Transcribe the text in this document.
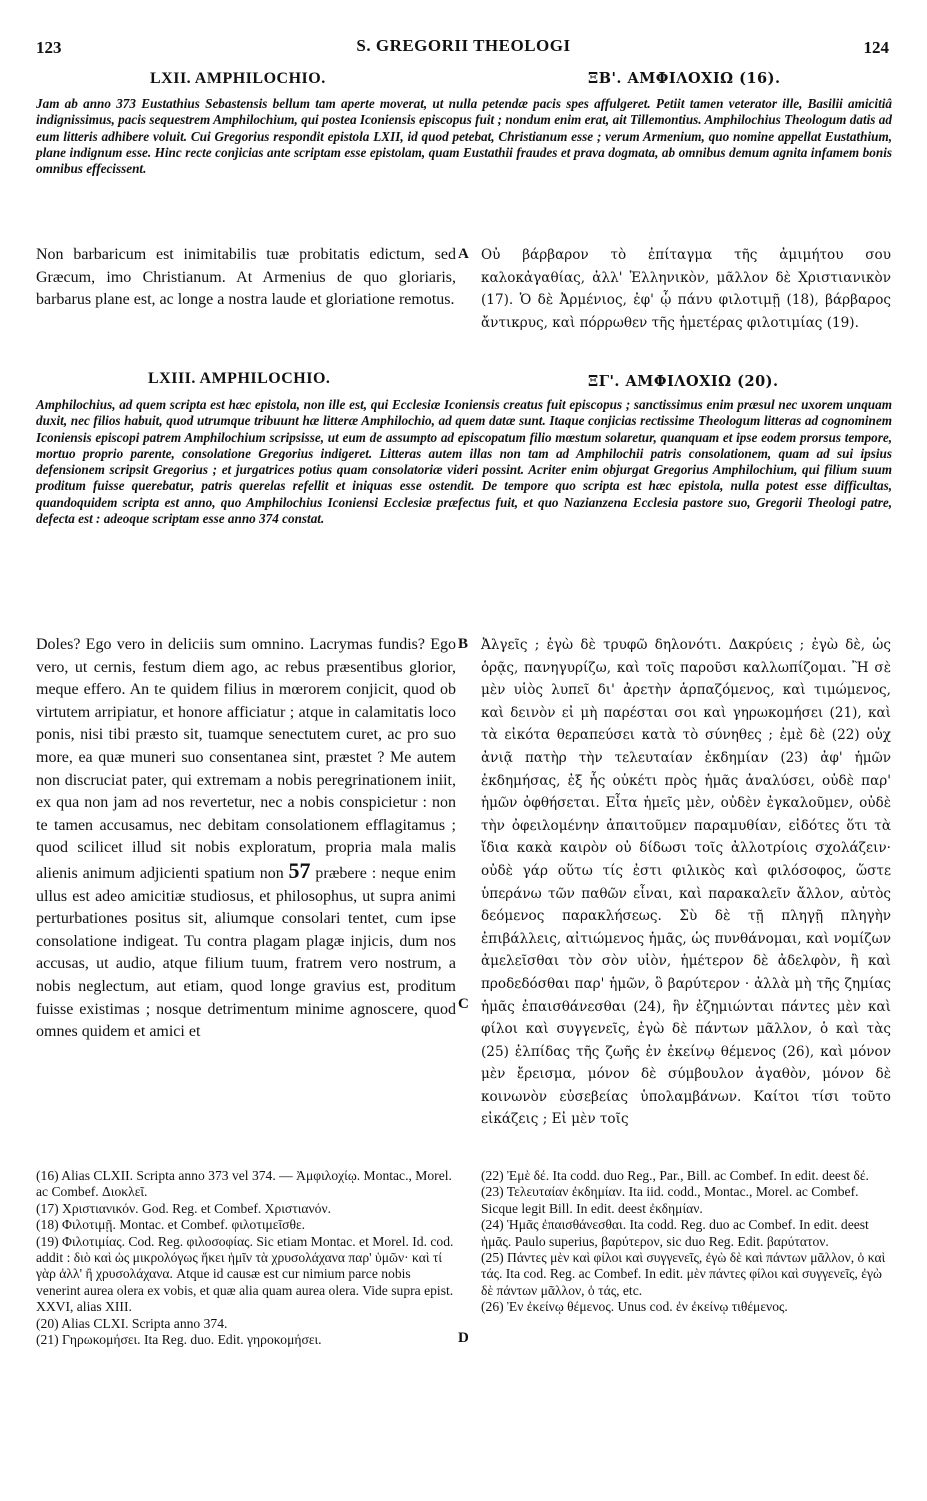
123	S. GREGORII THEOLOGI	124
LXII. AMPHILOCHIO.	ΞΒ'. ΑΜΦΙΛΟΧΙΩ (16).
Jam ab anno 373 Eustathius Sebastensis bellum tam aperte moverat, ut nulla petendæ pacis spes affulgeret. Petiit tamen veterator ille, Basilii amicitiâ indignissimus, pacis sequestrem Amphilochium, qui postea Iconiensis episcopus fuit ; nondum enim erat, ait Tillemontius. Amphilochius Theologum datis ad eum litteris adhibere voluit. Cui Gregorius respondit epistola LXII, id quod petebat, Christianum esse ; verum Armenium, quo nomine appellat Eustathium, plane indignum esse. Hinc recte conjicias ante scriptam esse epistolam, quam Eustathii fraudes et prava dogmata, ab omnibus demum agnita infamem bonis omnibus effecissent.
Non barbaricum est inimitabilis tuæ probitatis edictum, sed Græcum, imo Christianum. At Armenius de quo gloriaris, barbarus plane est, ac longe a nostra laude et gloriatione remotus.
A Οὐ βάρβαρον τὸ ἐπίταγμα τῆς ἀμιμήτου σου καλοκἀγαθίας, ἀλλ' Ἑλληνικὸν, μᾶλλον δὲ Χριστιανικὸν (17). Ὁ δὲ Ἀρμένιος, ἐφ' ᾧ πάνυ φιλοτιμῇ (18), βάρβαρος ἄντικρυς, καὶ πόρρωθεν τῆς ἡμετέρας φιλοτιμίας (19).
LXIII. AMPHILOCHIO.	ΞΓ'. ΑΜΦΙΛΟΧΙΩ (20).
Amphilochius, ad quem scripta est hæc epistola, non ille est, qui Ecclesiæ Iconiensis creatus fuit episcopus ; sanctissimus enim præsul nec uxorem unquam duxit, nec filios habuit, quod utrumque tribuunt hæ litteræ Amphilochio, ad quem datæ sunt. Itaque conjicias rectissime Theologum litteras ad cognominem Iconiensis episcopi patrem Amphilochium scripsisse, ut eum de assumpto ad episcopatum filio mœstum solaretur, quanquam et ipse eodem prorsus tempore, mortuo proprio parente, consolatione Gregorius indigeret. Litteras autem illas non tam ad Amphilochii patris consolationem, quam ad sui ipsius defensionem scripsit Gregorius ; et jurgatrices potius quam consolatoriæ videri possint. Acriter enim objurgat Gregorius Amphilochium, qui filium suum proditum fuisse querebatur, patris querelas refellit et iniquas esse ostendit. De tempore quo scripta est hæc epistola, nulla potest esse difficultas, quandoquidem scripta est anno, quo Amphilochius Iconiensi Ecclesiæ præfectus fuit, et quo Nazianzena Ecclesia pastore suo, Gregorii Theologi patre, defecta est : adeoque scriptam esse anno 374 constat.
Doles? Ego vero in deliciis sum omnino. Lacrymas fundis? Ego vero, ut cernis, festum diem ago, ac rebus præsentibus glorior, meque effero. An te quidem filius in mœrorem conjicit, quod ob virtutem arripiatur, et honore afficiatur ; atque in calamitatis loco ponis, nisi tibi præsto sit, tuamque senectutem curet, ac pro suo more, ea quæ muneri suo consentanea sint, præstet ? Me autem non discruciat pater, qui extremam a nobis peregrinationem iniit, ex qua non jam ad nos revertetur, nec a nobis conspicietur : non te tamen accusamus, nec debitam consolationem efflagitamus ; quod scilicet illud sit nobis exploratum, propria mala malis alienis animum adjicienti spatium non 57 præbere : neque enim ullus est adeo amicitiæ studiosus, et philosophus, ut supra animi perturbationes positus sit, aliumque consolari tentet, cum ipse consolatione indigeat. Tu contra plagam plagæ injicis, dum nos accusas, ut audio, atque filium tuum, fratrem vero nostrum, a nobis neglectum, aut etiam, quod longe gravius est, proditum fuisse existimas ; nosque detrimentum minime agnoscere, quod omnes quidem et amici et
B
C
Ἀλγεῖς ; ἐγὼ δὲ τρυφῶ δηλονότι. Δακρύεις ; ἐγὼ δὲ, ὡς ὁρᾷς, πανηγυρίζω, καὶ τοῖς παροῦσι καλλωπίζομαι. Ἢ σὲ μὲν υἱὸς λυπεῖ δι' ἀρετὴν ἁρπαζόμενος, καὶ τιμώμενος, καὶ δεινὸν εἰ μὴ παρέσται σοι καὶ γηρωκομήσει (21), καὶ τὰ εἰκότα θεραπεύσει κατὰ τὸ σύνηθες ; ἐμὲ δὲ (22) οὐχ ἀνιᾷ πατὴρ τὴν τελευταίαν ἐκδημίαν (23) ἀφ' ἡμῶν ἐκδημήσας, ἐξ ἧς οὐκέτι πρὸς ἡμᾶς ἀναλύσει, οὐδὲ παρ' ἡμῶν ὀφθήσεται. Εἶτα ἡμεῖς μὲν, οὐδὲν ἐγκαλοῦμεν, οὐδὲ τὴν ὀφειλομένην ἀπαιτοῦμεν παραμυθίαν, εἰδότες ὅτι τὰ ἴδια κακὰ καιρὸν οὐ δίδωσι τοῖς ἀλλοτρίοις σχολάζειν· οὐδὲ γάρ οὕτω τίς ἐστι φιλικὸς καὶ φιλόσοφος, ὥστε ὑπεράνω τῶν παθῶν εἶναι, καὶ παρακαλεῖν ἄλλον, αὐτὸς δεόμενος παρακλήσεως. Σὺ δὲ τῇ πληγῇ πληγὴν ἐπιβάλλεις, αἰτιώμενος ἡμᾶς, ὡς πυνθάνομαι, καὶ νομίζων ἀμελεῖσθαι τὸν σὸν υἱὸν, ἡμέτερον δὲ ἀδελφὸν, ἢ καὶ προδεδόσθαι παρ' ἡμῶν, ὃ βαρύτερον · ἀλλὰ μὴ τῆς ζημίας ἡμᾶς ἐπαισθάνεσθαι (24), ἣν ἐζημιώνται πάντες μὲν καὶ φίλοι καὶ συγγενεῖς, ἐγὼ δὲ πάντων μᾶλλον, ὁ καὶ τὰς (25) ἐλπίδας τῆς ζωῆς ἐν ἐκείνῳ θέμενος (26), καὶ μόνον μὲν ἔρεισμα, μόνον δὲ σύμβουλον ἀγαθὸν, μόνον δὲ κοινωνὸν εὐσεβείας ὑπολαμβάνων. Καίτοι τίσι τοῦτο εἰκάζεις ; Εἰ μὲν τοῖς

(16) Alias CLXII. Scripta anno 373 vel 374. — Ἀμφιλοχίῳ. Montac., Morel. ac Combef. Διοκλεῖ.

(17) Χριστιανικόν. God. Reg. et Combef. Χριστιανόν.

(18) Φιλοτιμῇ. Montac. et Combef. φιλοτιμεῖσθε.

(19) Φιλοτιμίας. Cod. Reg. φιλοσοφίας. Sic etiam Montac. et Morel. Id. cod. addit : διὸ καὶ ὡς μικρολόγως ἥκει ἡμῖν τὰ χρυσολάχανα παρ' ὑμῶν· καὶ τί γὰρ ἀλλ' ἢ χρυσολάχανα. Atque id causæ est cur nimium parce nobis venerint aurea olera ex vobis, et quæ alia quam aurea olera. Vide supra epist. XXVI, alias XIII.

(20) Alias CLXI. Scripta anno 374.

(21) Γηρωκομήσει. Ita Reg. duo. Edit. γηροκομήσει.	D

(22) Ἐμὲ δέ. Ita codd. duo Reg., Par., Bill. ac Combef. In edit. deest δέ.

(23) Τελευταίαν ἐκδημίαν. Ita iid. codd., Montac., Morel. ac Combef. Sicque legit Bill. In edit. deest ἐκδημίαν.

(24) Ἡμᾶς ἐπαισθάνεσθαι. Ita codd. Reg. duo ac Combef. In edit. deest ἡμᾶς. Paulo superius, βαρύτερον, sic duo Reg. Edit. βαρύτατον.

(25) Πάντες μὲν καὶ φίλοι καὶ συγγενεῖς, ἐγὼ δὲ καὶ πάντων μᾶλλον, ὁ καὶ τάς. Ita cod. Reg. ac Combef. In edit. μὲν πάντες φίλοι καὶ συγγενεῖς, ἐγὼ δὲ πάντων μᾶλλον, ὁ τάς, etc.

(26) Ἐν ἐκείνῳ θέμενος. Unus cod. ἐν ἐκείνῳ τιθέμενος.
